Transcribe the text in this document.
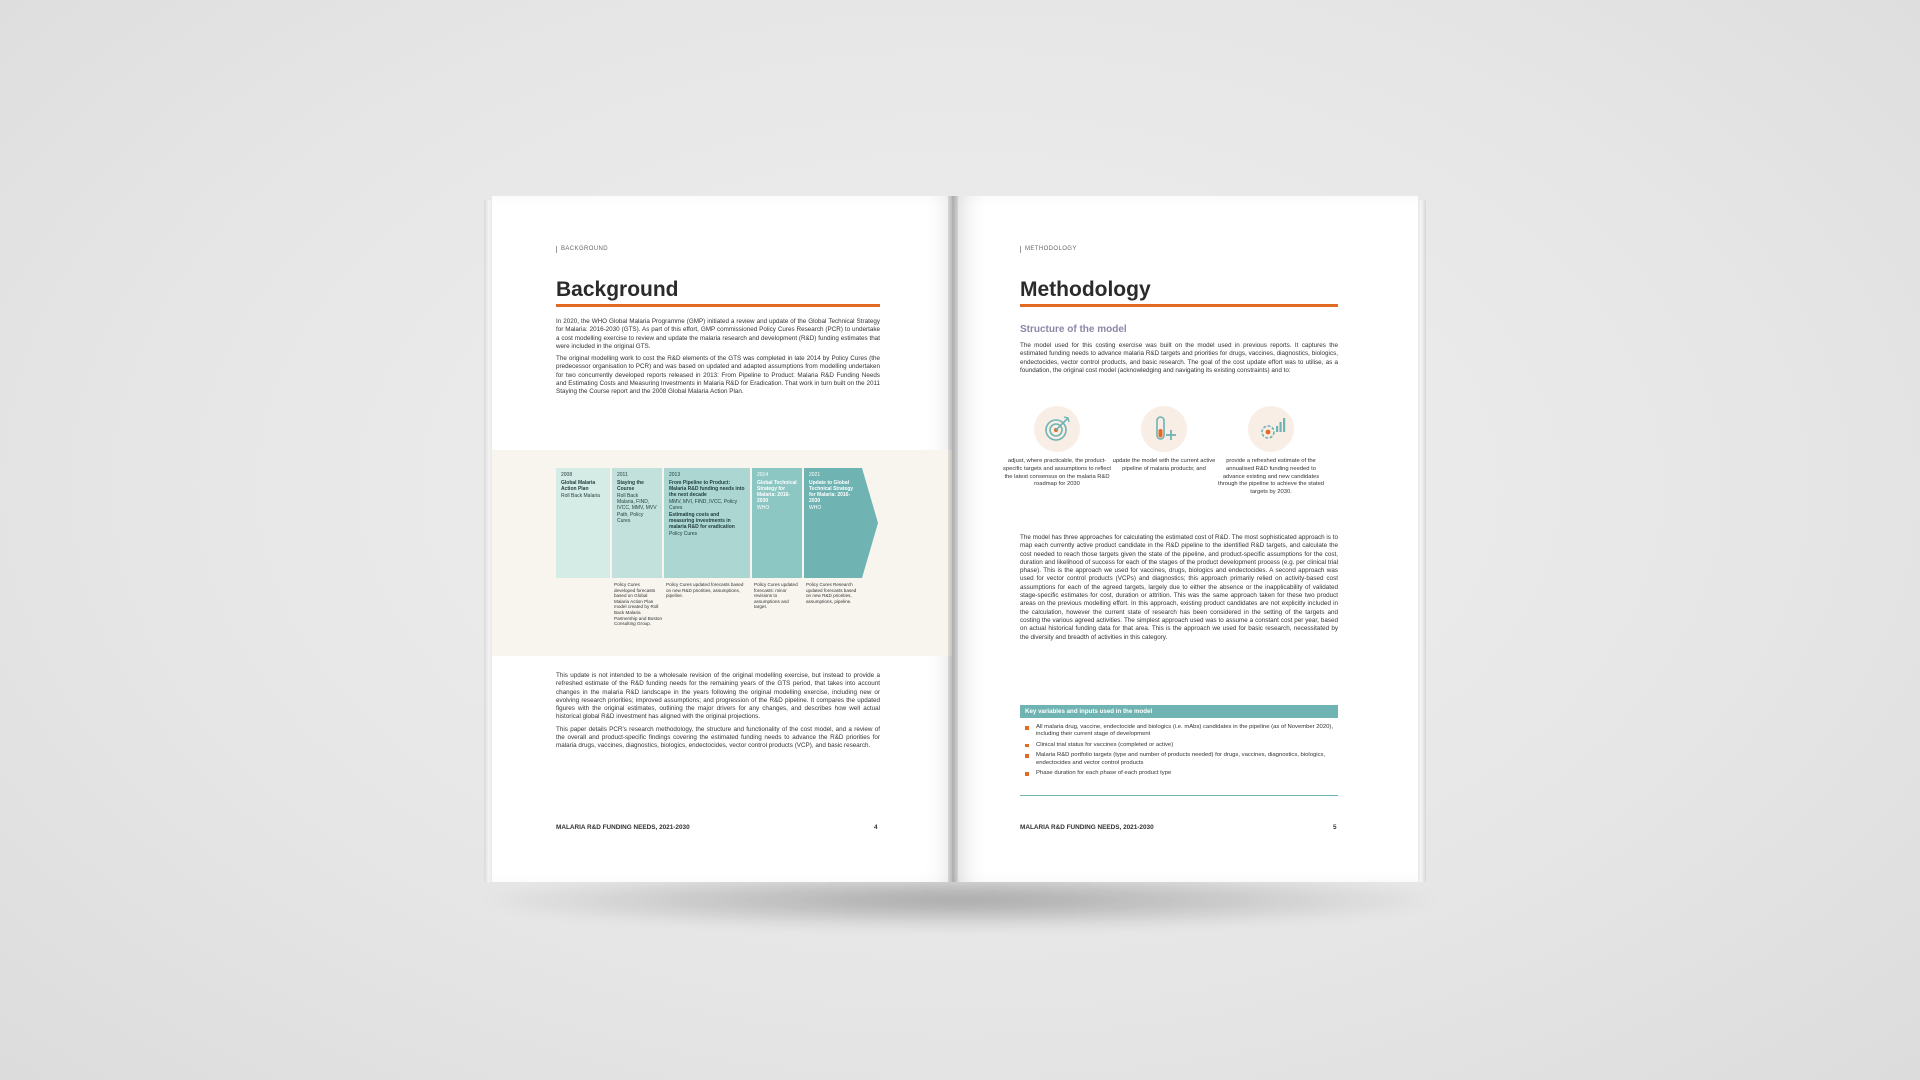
BACKGROUND
Background

In 2020, the WHO Global Malaria Programme (GMP) initiated a review and update of the Global Technical Strategy for Malaria: 2016-2030 (GTS). As part of this effort, GMP commissioned Policy Cures Research (PCR) to undertake a cost modelling exercise to review and update the malaria research and development (R&D) funding estimates that were included in the original GTS.

The original modelling work to cost the R&D elements of the GTS was completed in late 2014 by Policy Cures (the predecessor organisation to PCR) and was based on updated and adapted assumptions from modelling undertaken for two concurrently developed reports released in 2013: From Pipeline to Product: Malaria R&D Funding Needs and Estimating Costs and Measuring Investments in Malaria R&D for Eradication. That work in turn built on the 2011 Staying the Course report and the 2008 Global Malaria Action Plan.

2008
Global Malaria Action Plan
Roll Back Malaria
2011
Staying the Course
Roll Back Malaria, FIND, IVCC, MMV, MVV Path, Policy Cures
2013
From Pipeline to Product: Malaria R&D funding needs into the next decade
MMV, MVI, FIND, IVCC, Policy Cures
Estimating costs and measuring investments in malaria R&D for eradication
Policy Cures
2014
Global Technical Strategy for Malaria: 2016-2030
WHO
2021
Update to Global Technical Strategy for Malaria: 2016-2030
WHO
Policy Cures developed forecasts based on Global Malaria Action Plan model created by Roll Back Malaria Partnership and Boston Consulting Group.
Policy Cures updated forecasts based on new R&D priorities, assumptions, pipeline.
Policy Cures updated forecasts: minor revisions to assumptions and target.
Policy Cures Research updated forecasts based on new R&D priorities, assumptions, pipeline.

This update is not intended to be a wholesale revision of the original modelling exercise, but instead to provide a refreshed estimate of the R&D funding needs for the remaining years of the GTS period, that takes into account changes in the malaria R&D landscape in the years following the original modelling exercise, including new or evolving research priorities; improved assumptions; and progression of the R&D pipeline. It compares the updated figures with the original estimates, outlining the major drivers for any changes, and describes how well actual historical global R&D investment has aligned with the original projections.

This paper details PCR's research methodology, the structure and functionality of the cost model, and a review of the overall and product-specific findings covering the estimated funding needs to advance the R&D priorities for malaria drugs, vaccines, diagnostics, biologics, endectocides, vector control products (VCP), and basic research.

MALARIA R&D FUNDING NEEDS, 2021-2030	4
METHODOLOGY
Methodology
Structure of the model
The model used for this costing exercise was built on the model used in previous reports. It captures the estimated funding needs to advance malaria R&D targets and priorities for drugs, vaccines, diagnostics, biologics, endectocides, vector control products, and basic research. The goal of the cost update effort was to utilise, as a foundation, the original cost model (acknowledging and navigating its existing constraints) and to:
adjust, where practicable, the product-specific targets and assumptions to reflect the latest consensus on the malaria R&D roadmap for 2030
update the model with the current active pipeline of malaria products; and
provide a refreshed estimate of the annualised R&D funding needed to advance existing and new candidates through the pipeline to achieve the stated targets by 2030.
The model has three approaches for calculating the estimated cost of R&D. The most sophisticated approach is to map each currently active product candidate in the R&D pipeline to the identified R&D targets, and calculate the cost needed to reach those targets given the state of the pipeline, and product-specific assumptions for the cost, duration and likelihood of success for each of the stages of the product development process (e.g. per clinical trial phase). This is the approach we used for vaccines, drugs, biologics and endectocides. A second approach was used for vector control products (VCPs) and diagnostics; this approach primarily relied on activity-based cost assumptions for each of the agreed targets, largely due to either the absence or the inapplicability of validated stage-specific estimates for cost, duration or attrition. This was the same approach taken for these two product areas on the previous modelling effort. In this approach, existing product candidates are not explicitly included in the calculation, however the current state of research has been considered in the setting of the targets and costing the various agreed activities. The simplest approach used was to assume a constant cost per year, based on actual historical funding data for that area. This is the approach we used for basic research, necessitated by the diversity and breadth of activities in this category.
Key variables and inputs used in the model
All malaria drug, vaccine, endectocide and biologics (i.e. mAbs) candidates in the pipeline (as of November 2020), including their current stage of development
Clinical trial status for vaccines (completed or active)
Malaria R&D portfolio targets (type and number of products needed) for drugs, vaccines, diagnostics, biologics, endectocides and vector control products
Phase duration for each phase of each product type
MALARIA R&D FUNDING NEEDS, 2021-2030	5
